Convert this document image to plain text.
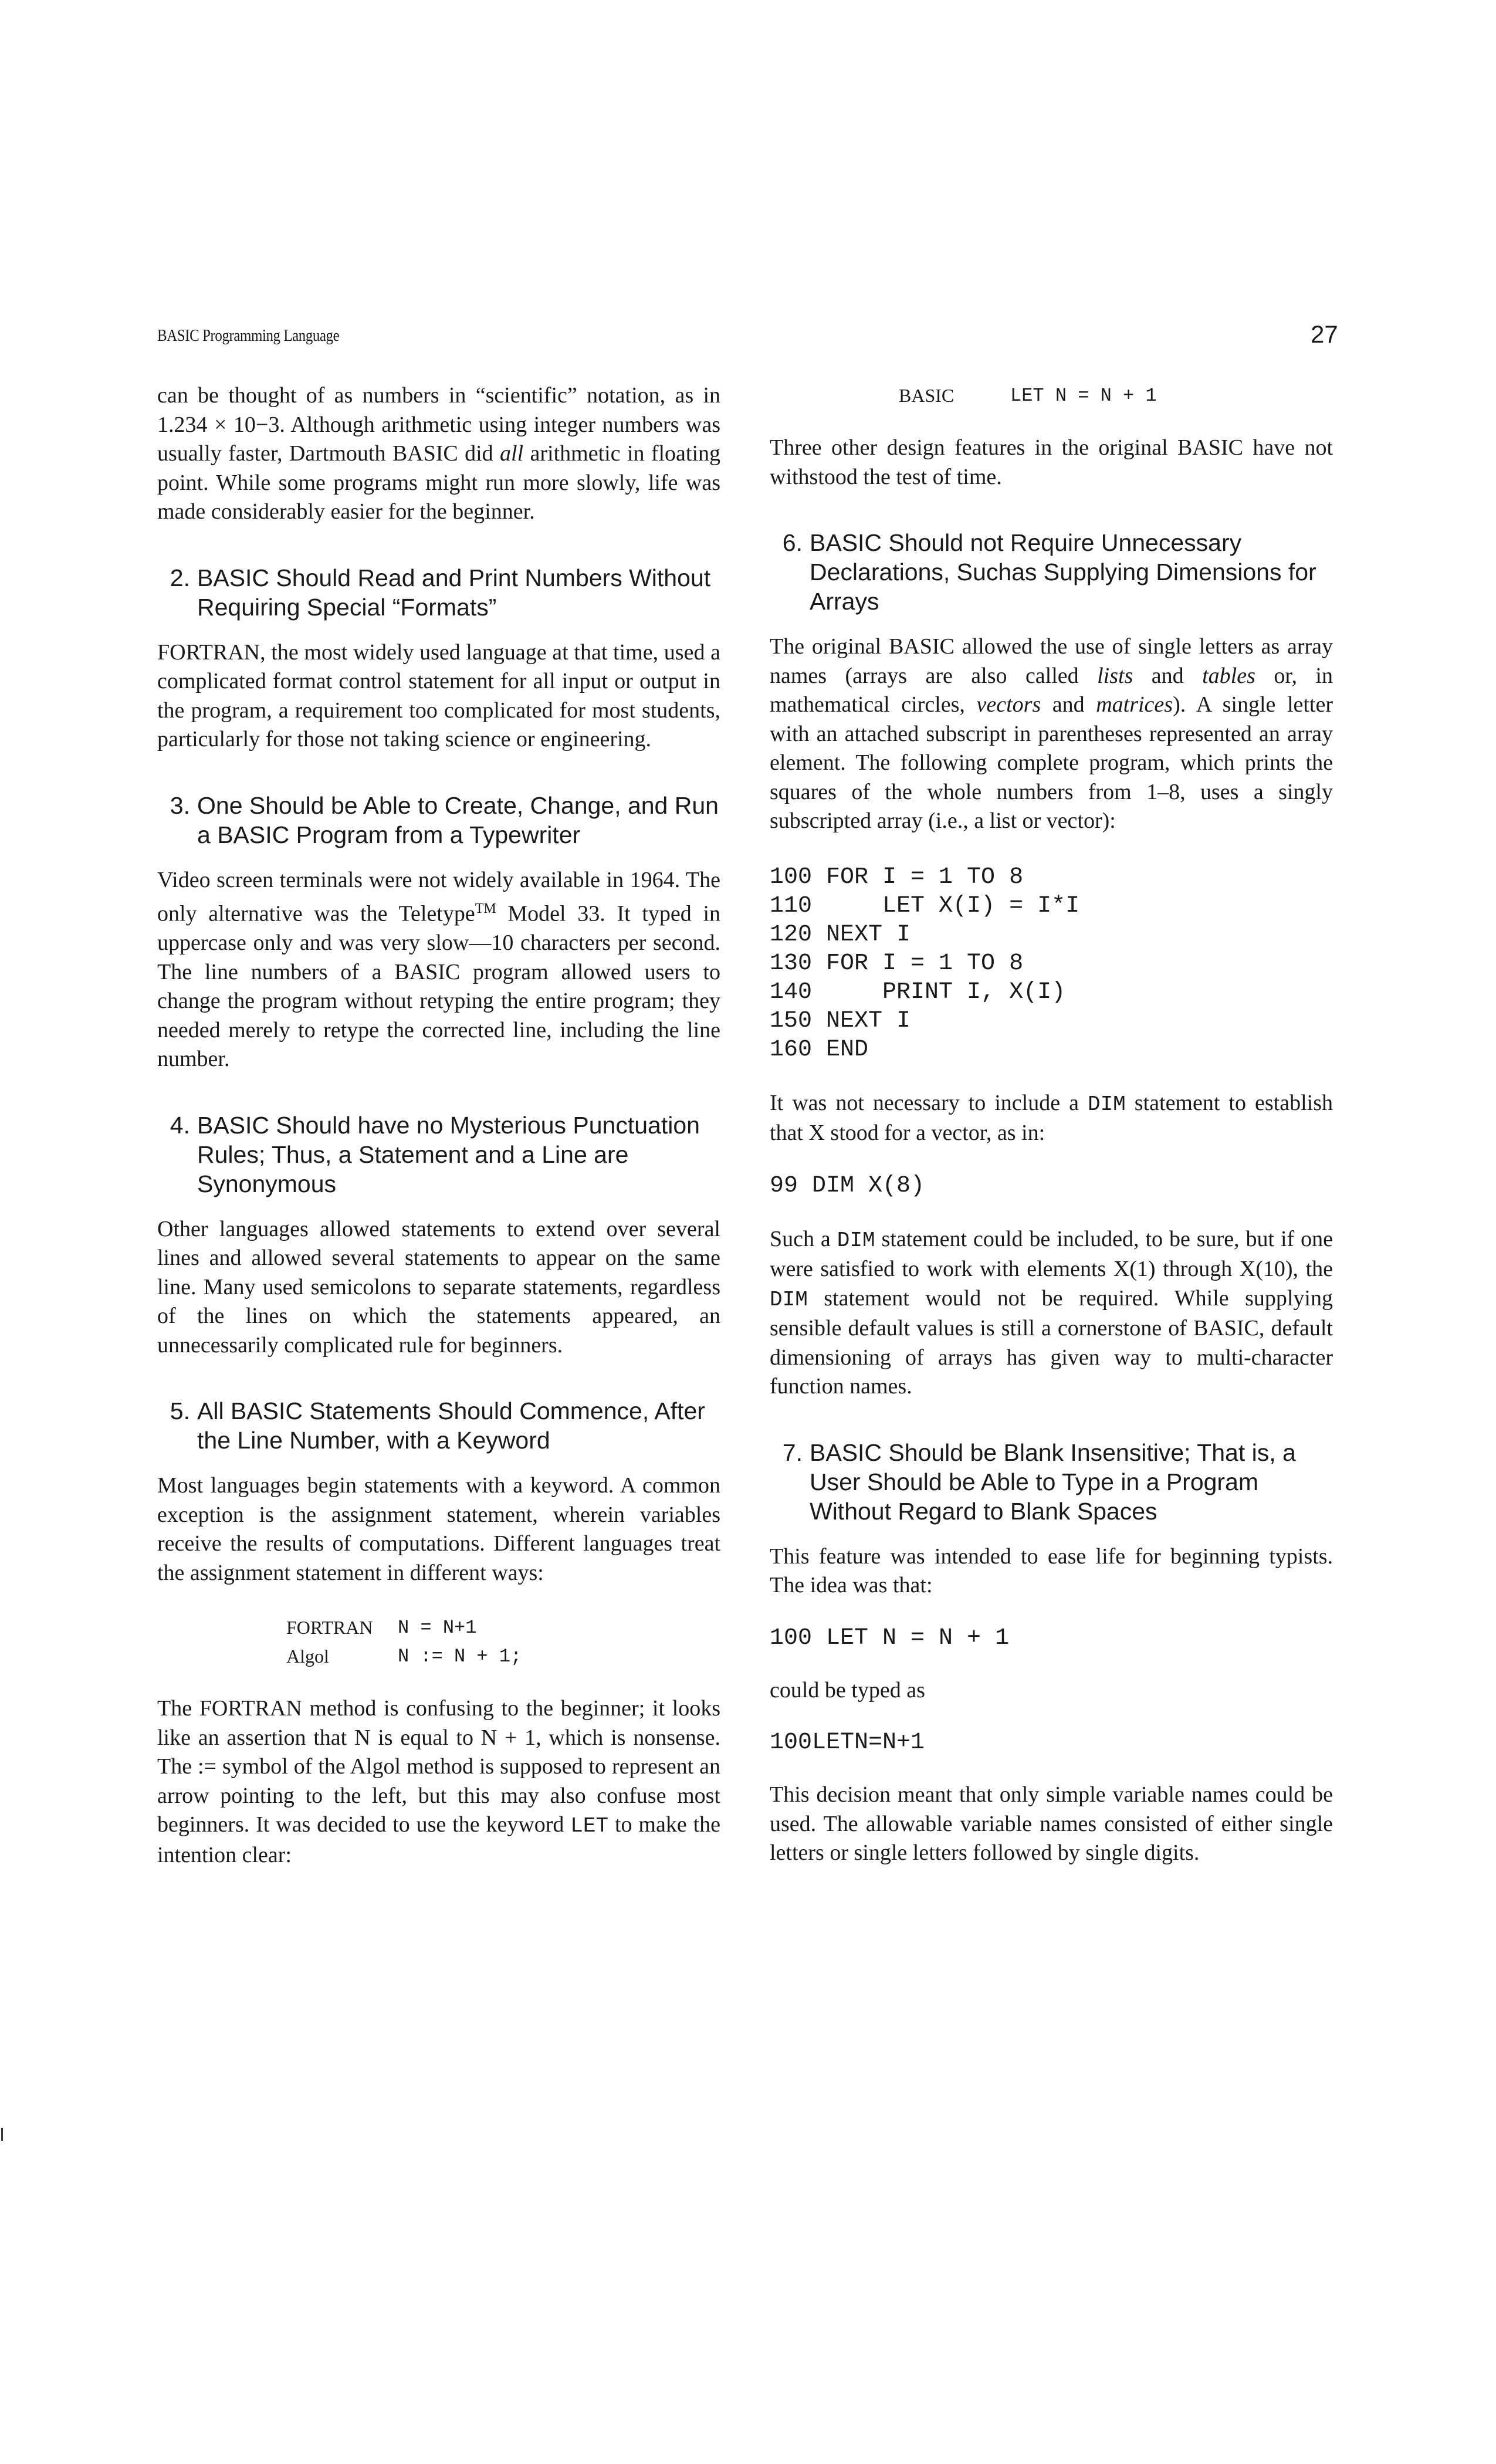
BASIC Programming Language	27

can be thought of as numbers in “scientific” notation, as in 1.234 × 10−3. Although arithmetic using integer numbers was usually faster, Dartmouth BASIC did all arithmetic in floating point. While some programs might run more slowly, life was made considerably easier for the beginner.

2. BASIC Should Read and Print Numbers Without Requiring Special “Formats”

FORTRAN, the most widely used language at that time, used a complicated format control statement for all input or output in the program, a requirement too complicated for most students, particularly for those not taking science or engineering.

3. One Should be Able to Create, Change, and Run a BASIC Program from a Typewriter

Video screen terminals were not widely available in 1964. The only alternative was the Teletype™ Model 33. It typed in uppercase only and was very slow—10 characters per second. The line numbers of a BASIC program allowed users to change the program without retyping the entire program; they needed merely to retype the corrected line, including the line number.

4. BASIC Should have no Mysterious Punctuation Rules; Thus, a Statement and a Line are Synonymous

Other languages allowed statements to extend over several lines and allowed several statements to appear on the same line. Many used semicolons to separate statements, regardless of the lines on which the statements appeared, an unnecessarily complicated rule for beginners.

5. All BASIC Statements Should Commence, After the Line Number, with a Keyword

Most languages begin statements with a keyword. A common exception is the assignment statement, wherein variables receive the results of computations. Different languages treat the assignment statement in different ways:

FORTRAN	N = N+1
Algol	N := N + 1;

The FORTRAN method is confusing to the beginner; it looks like an assertion that N is equal to N + 1, which is nonsense. The := symbol of the Algol method is supposed to represent an arrow pointing to the left, but this may also confuse most beginners. It was decided to use the keyword LET to make the intention clear:

BASIC	LET N = N + 1

Three other design features in the original BASIC have not withstood the test of time.

6. BASIC Should not Require Unnecessary Declarations, Suchas Supplying Dimensions for Arrays

The original BASIC allowed the use of single letters as array names (arrays are also called lists and tables or, in mathematical circles, vectors and matrices). A single letter with an attached subscript in parentheses represented an array element. The following complete program, which prints the squares of the whole numbers from 1–8, uses a singly subscripted array (i.e., a list or vector):

100 FOR I = 1 TO 8
110     LET X(I) = I*I
120 NEXT I
130 FOR I = 1 TO 8
140     PRINT I, X(I)
150 NEXT I
160 END

It was not necessary to include a DIM statement to establish that X stood for a vector, as in:

99 DIM X(8)

Such a DIM statement could be included, to be sure, but if one were satisfied to work with elements X(1) through X(10), the DIM statement would not be required. While supplying sensible default values is still a cornerstone of BASIC, default dimensioning of arrays has given way to multi-character function names.

7. BASIC Should be Blank Insensitive; That is, a User Should be Able to Type in a Program Without Regard to Blank Spaces

This feature was intended to ease life for beginning typists. The idea was that:

100 LET N = N + 1

could be typed as

100LETN=N+1

This decision meant that only simple variable names could be used. The allowable variable names consisted of either single letters or single letters followed by single digits.
